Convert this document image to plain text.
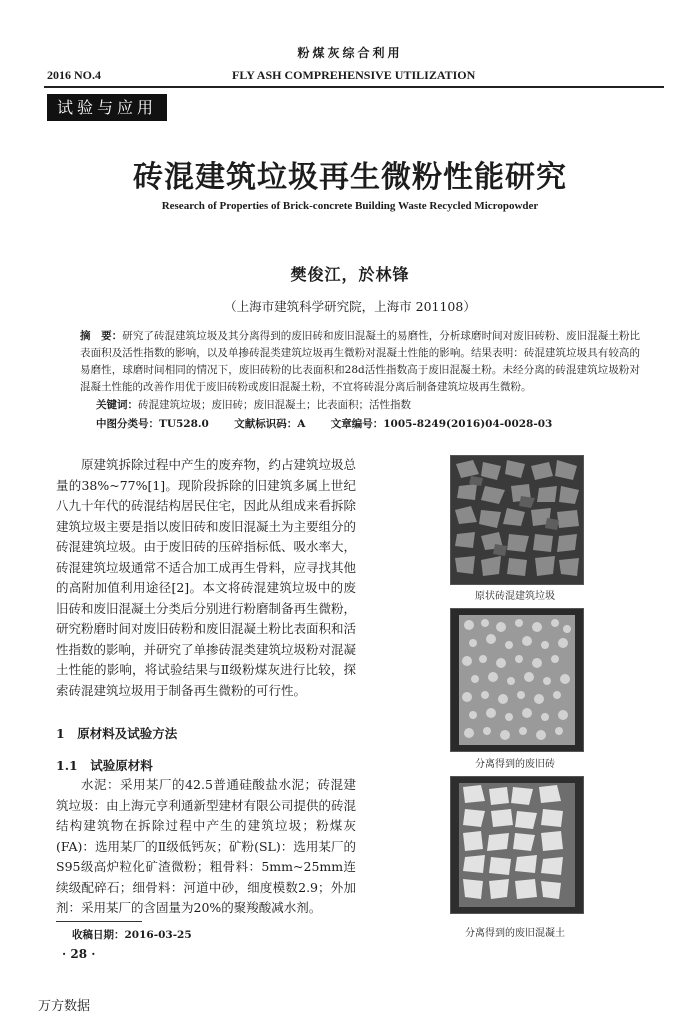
粉煤灰综合利用
2016 NO.4	FLY ASH COMPREHENSIVE UTILIZATION
试验与应用
砖混建筑垃圾再生微粉性能研究
Research of Properties of Brick-concrete Building Waste Recycled Micropowder
樊俊江，於林锋
（上海市建筑科学研究院，上海市 201108）
摘　要：研究了砖混建筑垃圾及其分离得到的废旧砖和废旧混凝土的易磨性，分析球磨时间对废旧砖粉、废旧混凝土粉比表面积及活性指数的影响，以及单掺砖混类建筑垃圾再生微粉对混凝土性能的影响。结果表明：砖混建筑垃圾具有较高的易磨性，球磨时间相同的情况下，废旧砖粉的比表面积和28d活性指数高于废旧混凝土粉。未经分离的砖混建筑垃圾粉对混凝土性能的改善作用优于废旧砖粉或废旧混凝土粉，不宜将砖混分离后制备建筑垃圾再生微粉。
关键词：砖混建筑垃圾；废旧砖；废旧混凝土；比表面积；活性指数
中图分类号：TU528.0 文献标识码：A 文章编号：1005-8249(2016)04-0028-03
原建筑拆除过程中产生的废弃物，约占建筑垃圾总量的38%~77%[1]。现阶段拆除的旧建筑多属上世纪八九十年代的砖混结构居民住宅，因此从组成来看拆除建筑垃圾主要是指以废旧砖和废旧混凝土为主要组分的砖混建筑垃圾。由于废旧砖的压碎指标低、吸水率大，砖混建筑垃圾通常不适合加工成再生骨料，应寻找其他的高附加值利用途径[2]。本文将砖混建筑垃圾中的废旧砖和废旧混凝土分类后分别进行粉磨制备再生微粉，研究粉磨时间对废旧砖粉和废旧混凝土粉比表面积和活性指数的影响，并研究了单掺砖混类建筑垃圾粉对混凝土性能的影响，将试验结果与Ⅱ级粉煤灰进行比较，探索砖混建筑垃圾用于制备再生微粉的可行性。
1　原材料及试验方法
1.1　试验原材料
水泥：采用某厂的42.5普通硅酸盐水泥；砖混建筑垃圾：由上海元亨利通新型建材有限公司提供的砖混结构建筑物在拆除过程中产生的建筑垃圾；粉煤灰(FA)：选用某厂的Ⅱ级低钙灰；矿粉(SL)：选用某厂的S95级高炉粒化矿渣微粉；粗骨料：5mm~25mm连续级配碎石；细骨料：河道中砂，细度模数2.9；外加剂：采用某厂的含固量为20%的聚羧酸减水剂。
原状砖混建筑垃圾
分离得到的废旧砖
分离得到的废旧混凝土
收稿日期：2016-03-25
· 28 ·
万方数据
